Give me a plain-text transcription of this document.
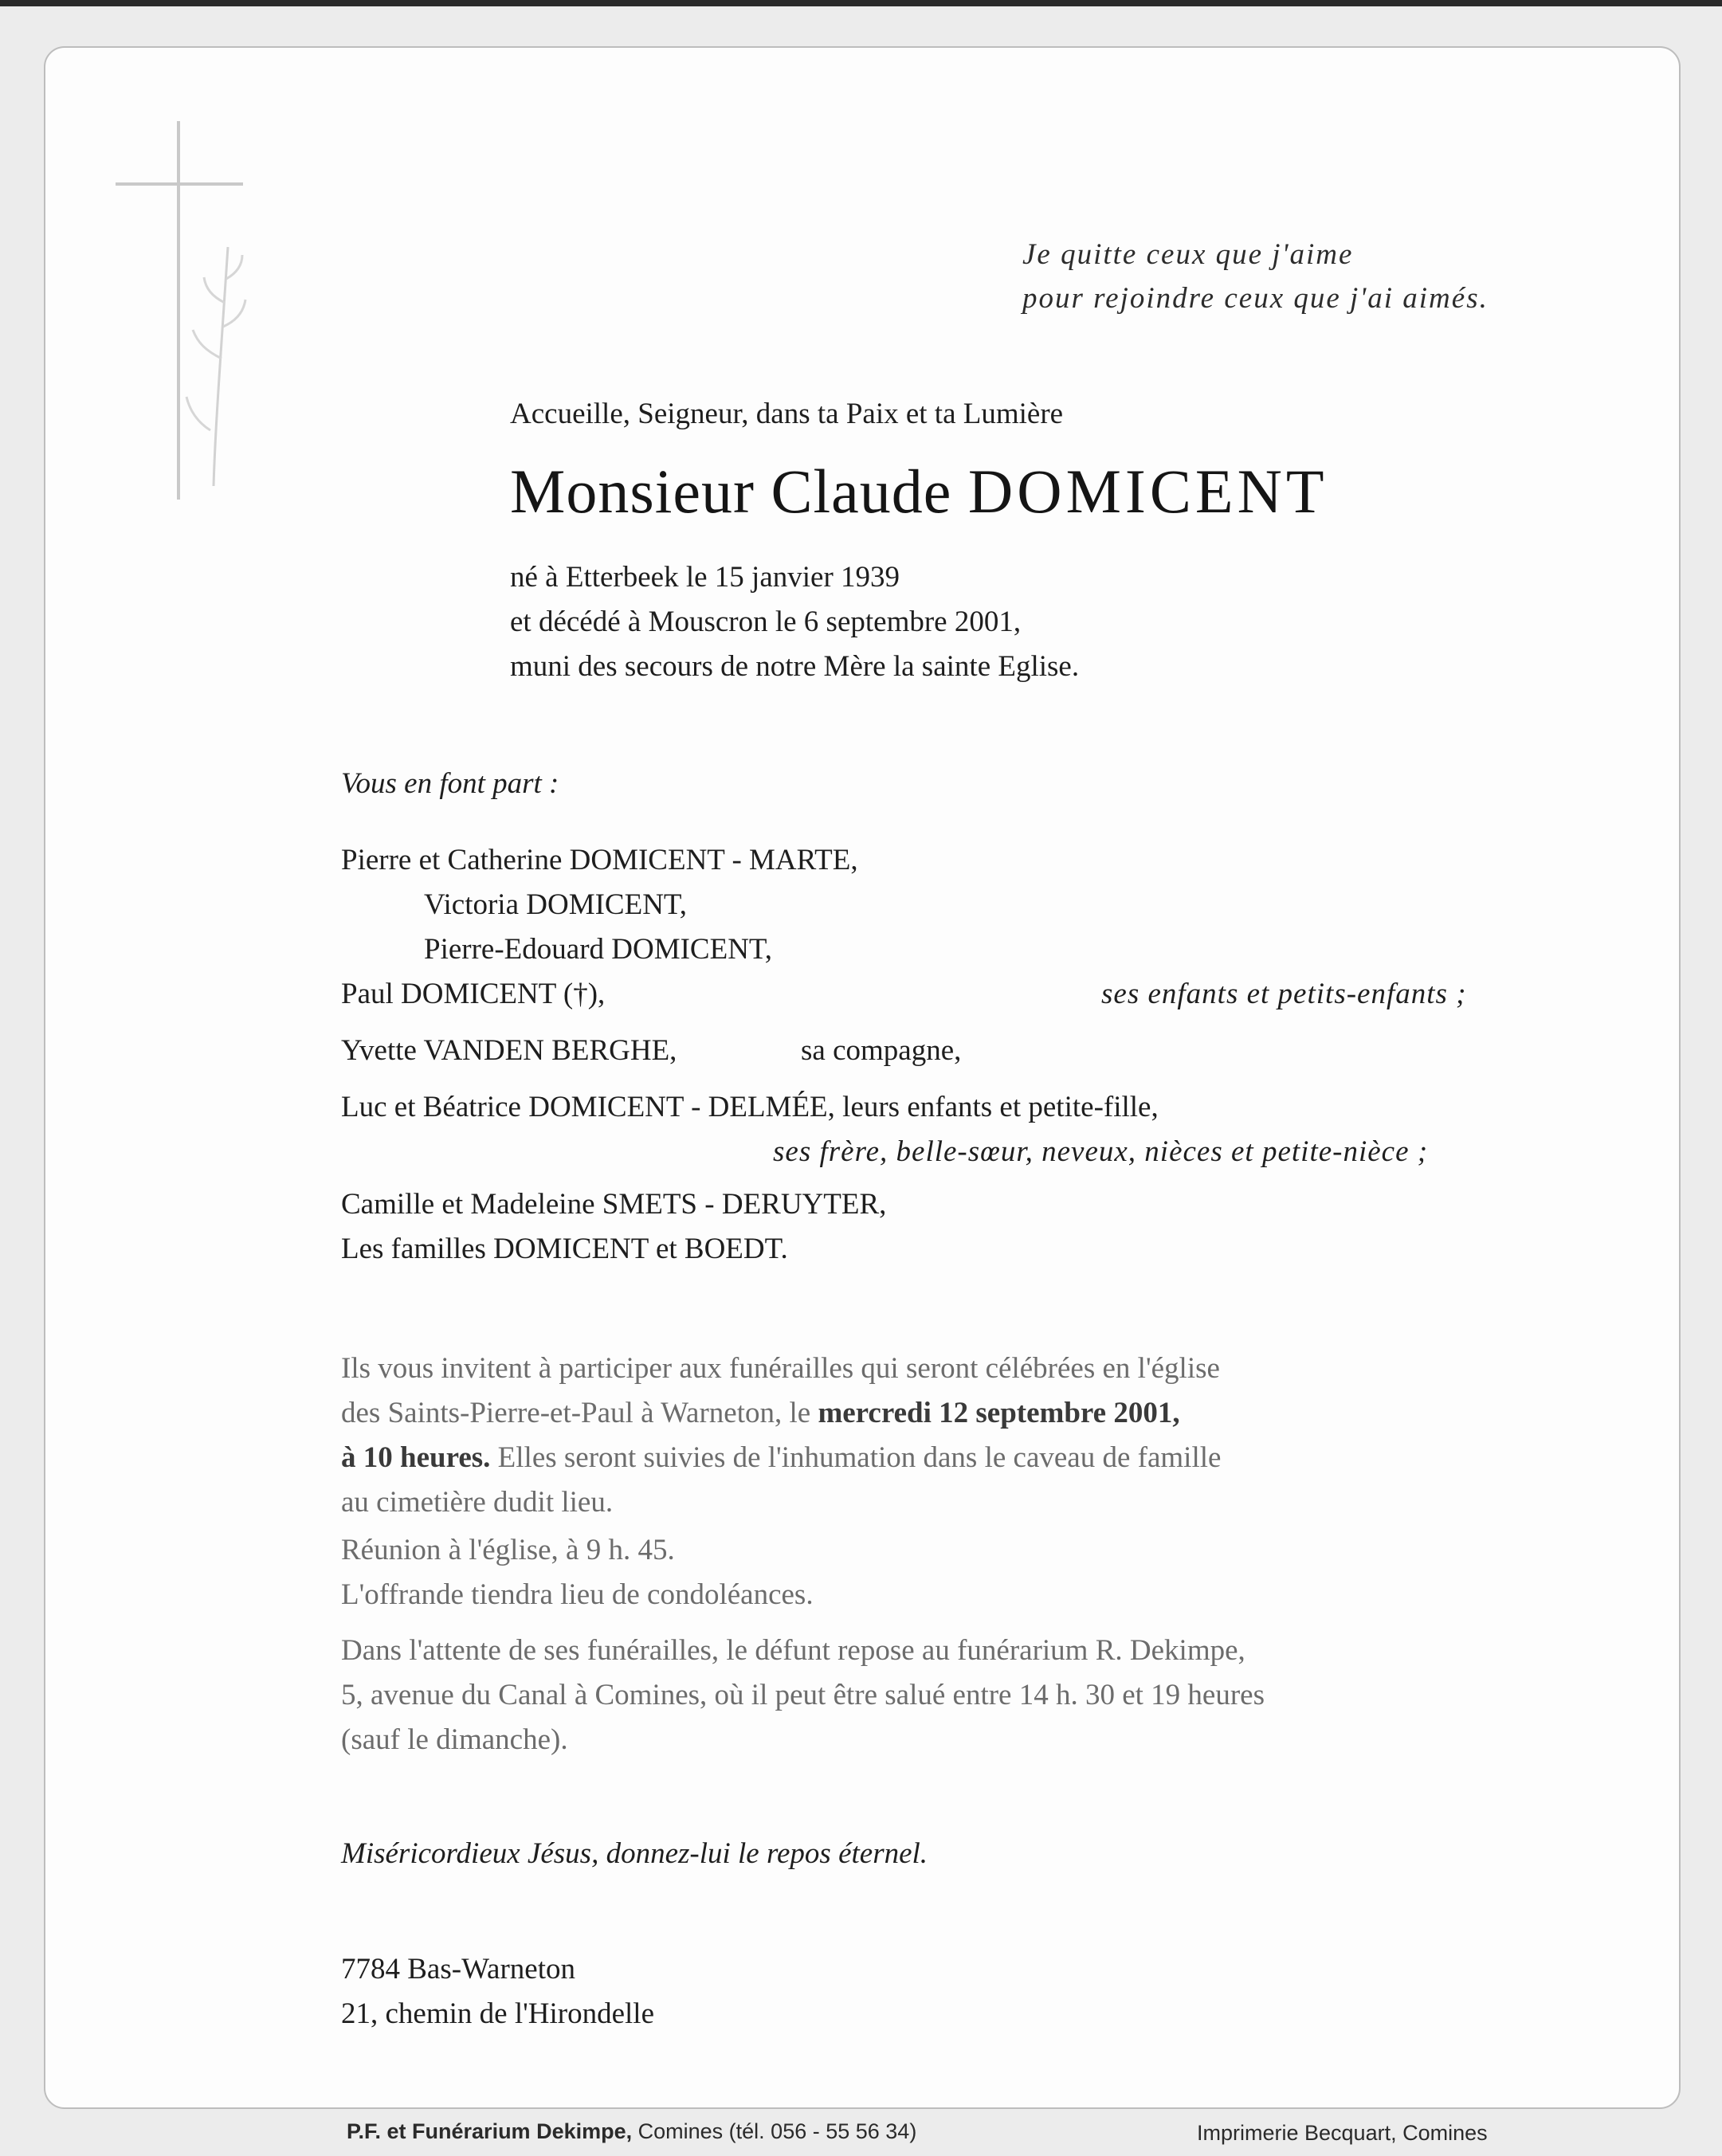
Je quitte ceux que j'aime

pour rejoindre ceux que j'ai aimés.

Accueille, Seigneur, dans ta Paix et ta Lumière

Monsieur Claude DOMICENT

né à Etterbeek le 15 janvier 1939

et décédé à Mouscron le 6 septembre 2001,

muni des secours de notre Mère la sainte Eglise.

Vous en font part :

Pierre et Catherine DOMICENT - MARTE,

Victoria DOMICENT,

Pierre-Edouard DOMICENT,

Paul DOMICENT (†),	ses enfants et petits-enfants ;

Yvette VANDEN BERGHE,	sa compagne,

Luc et Béatrice DOMICENT - DELMÉE, leurs enfants et petite-fille,

ses frère, belle-sœur, neveux, nièces et petite-nièce ;

Camille et Madeleine SMETS - DERUYTER,

Les familles DOMICENT et BOEDT.

Ils vous invitent à participer aux funérailles qui seront célébrées en l'église

des Saints-Pierre-et-Paul à Warneton, le mercredi 12 septembre 2001,

à 10 heures. Elles seront suivies de l'inhumation dans le caveau de famille

au cimetière dudit lieu.

Réunion à l'église, à 9 h. 45.

L'offrande tiendra lieu de condoléances.

Dans l'attente de ses funérailles, le défunt repose au funérarium R. Dekimpe,

5, avenue du Canal à Comines, où il peut être salué entre 14 h. 30 et 19 heures

(sauf le dimanche).

Miséricordieux Jésus, donnez-lui le repos éternel.

7784 Bas-Warneton

21, chemin de l'Hirondelle

P.F. et Funérarium Dekimpe, Comines (tél. 056 - 55 56 34)	Imprimerie Becquart, Comines
